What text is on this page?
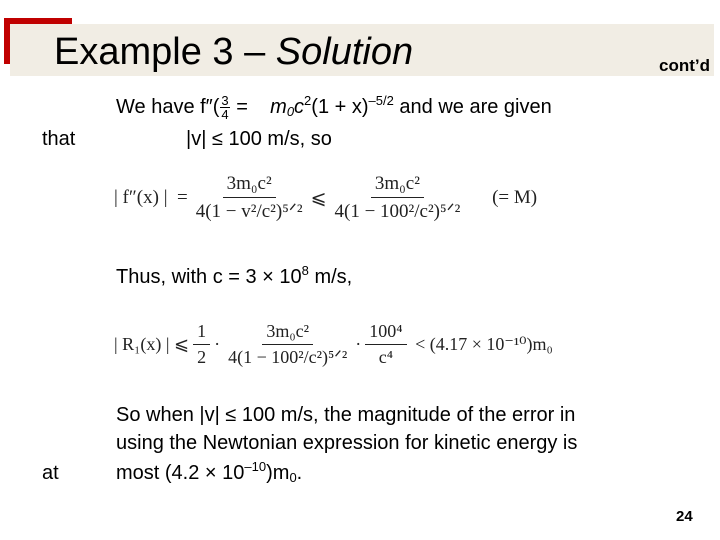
Example 3 – Solution	cont’d
We have $f''( \frac{3}{4} = m_0c^2(1 + x)^{-5/2}$ and we are given
that	|v| ≤ 100 m/s, so
| f″(x) |
= $\frac{\text{3m₀c²}}{\text{4(1 − v²/c²)⁵ᐟ²}}$ ⩽ $\frac{\text{3m₀c²}}{\text{4(1 − 100²/c²)⁵ᐟ²}}$
(= M)
Thus, with $c = 3 \times 10^8$ m/s,
| R₁(x) |
⩽ $\frac{1}{2} \cdot \frac{\text{3m₀c²}}{\text{4(1 − 100²/c²)⁵ᐟ²}} \cdot \frac{\text{100⁴}}{\text{c⁴}}$
< (4.17 × 10⁻¹⁰)m₀
So when |v| ≤ 100 m/s, the magnitude of the error in
using the Newtonian expression for kinetic energy is
at	most $(4.2 \times 10^{-10})m_0$.
24
